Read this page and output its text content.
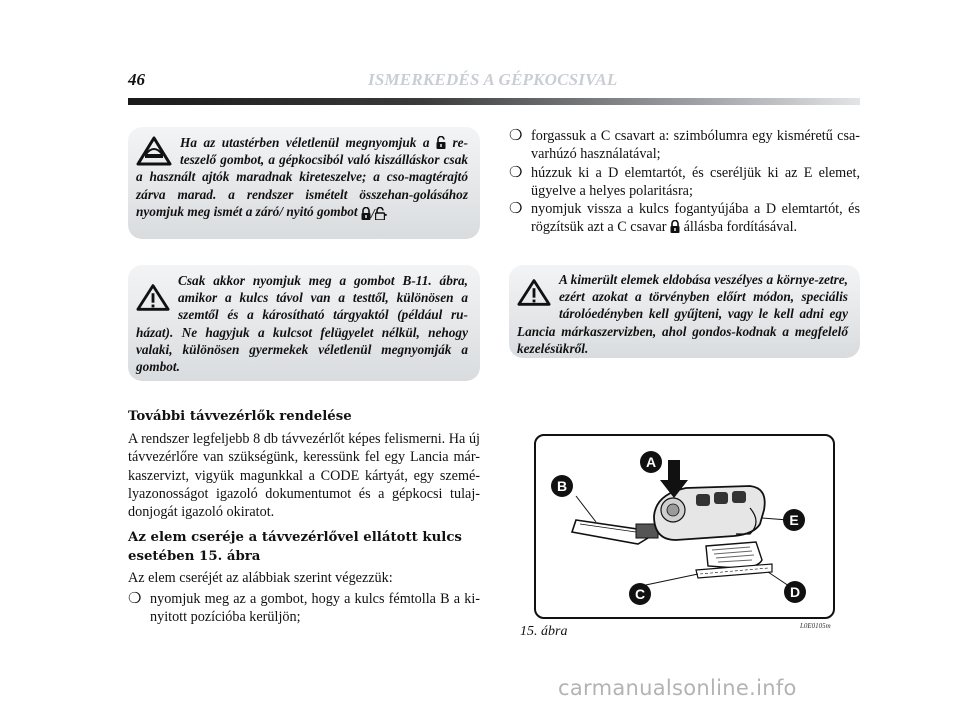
46	ISMERKEDÉS A GÉPKOCSIVAL

Ha az utastérben véletlenül megnyomjuk a  re-teszelő gombot, a gépkocsiból való kiszálláskor csak a használt ajtók maradnak kireteszelve; a cso-magtérajtó zárva marad. a rendszer ismételt összehan-golásához nyomjuk meg ismét a záró/ nyitó gombot / .

Csak akkor nyomjuk meg a gombot B-11. ábra, amikor a kulcs távol van a testtől, különösen a szemtől és a károsítható tárgyaktól (például ru-házat). Ne hagyjuk a kulcsot felügyelet nélkül, nehogy valaki, különösen gyermekek véletlenül megnyomják a gombot.

A kimerült elemek eldobása veszélyes a környe-zetre, ezért azokat a törvényben előírt módon, speciális tárolóedényben kell gyűjteni, vagy le kell adni egy Lancia márkaszervizben, ahol gondos-kodnak a megfelelő kezelésükről.

❍ forgassuk a C csavart a: szimbólumra egy kisméretű csa-varhúzó használatával;
❍ húzzuk ki a D elemtartót, és cseréljük ki az E elemet, ügyelve a helyes polaritásra;
❍ nyomjuk vissza a kulcs fogantyújába a D elemtartót, és rögzítsük azt a C csavar  állásba fordításával.
További távvezérlők rendelése

A rendszer legfeljebb 8 db távvezérlőt képes felismerni. Ha új távvezérlőre van szükségünk, keressünk fel egy Lancia már-kaszervizt, vigyük magunkkal a CODE kártyát, egy szemé-lyazonosságot igazoló dokumentumot és a gépkocsi tulaj-donjogát igazoló okiratot.

Az elem cseréje a távvezérlővel ellátott kulcs esetében 15. ábra

Az elem cseréjét az alábbiak szerint végezzük:

❍ nyomjuk meg az a gombot, hogy a kulcs fémtolla B a ki-nyitott pozícióba kerüljön;
A
B
C	D
E
15. ábra	L0E0105m
carmanualsonline.info
